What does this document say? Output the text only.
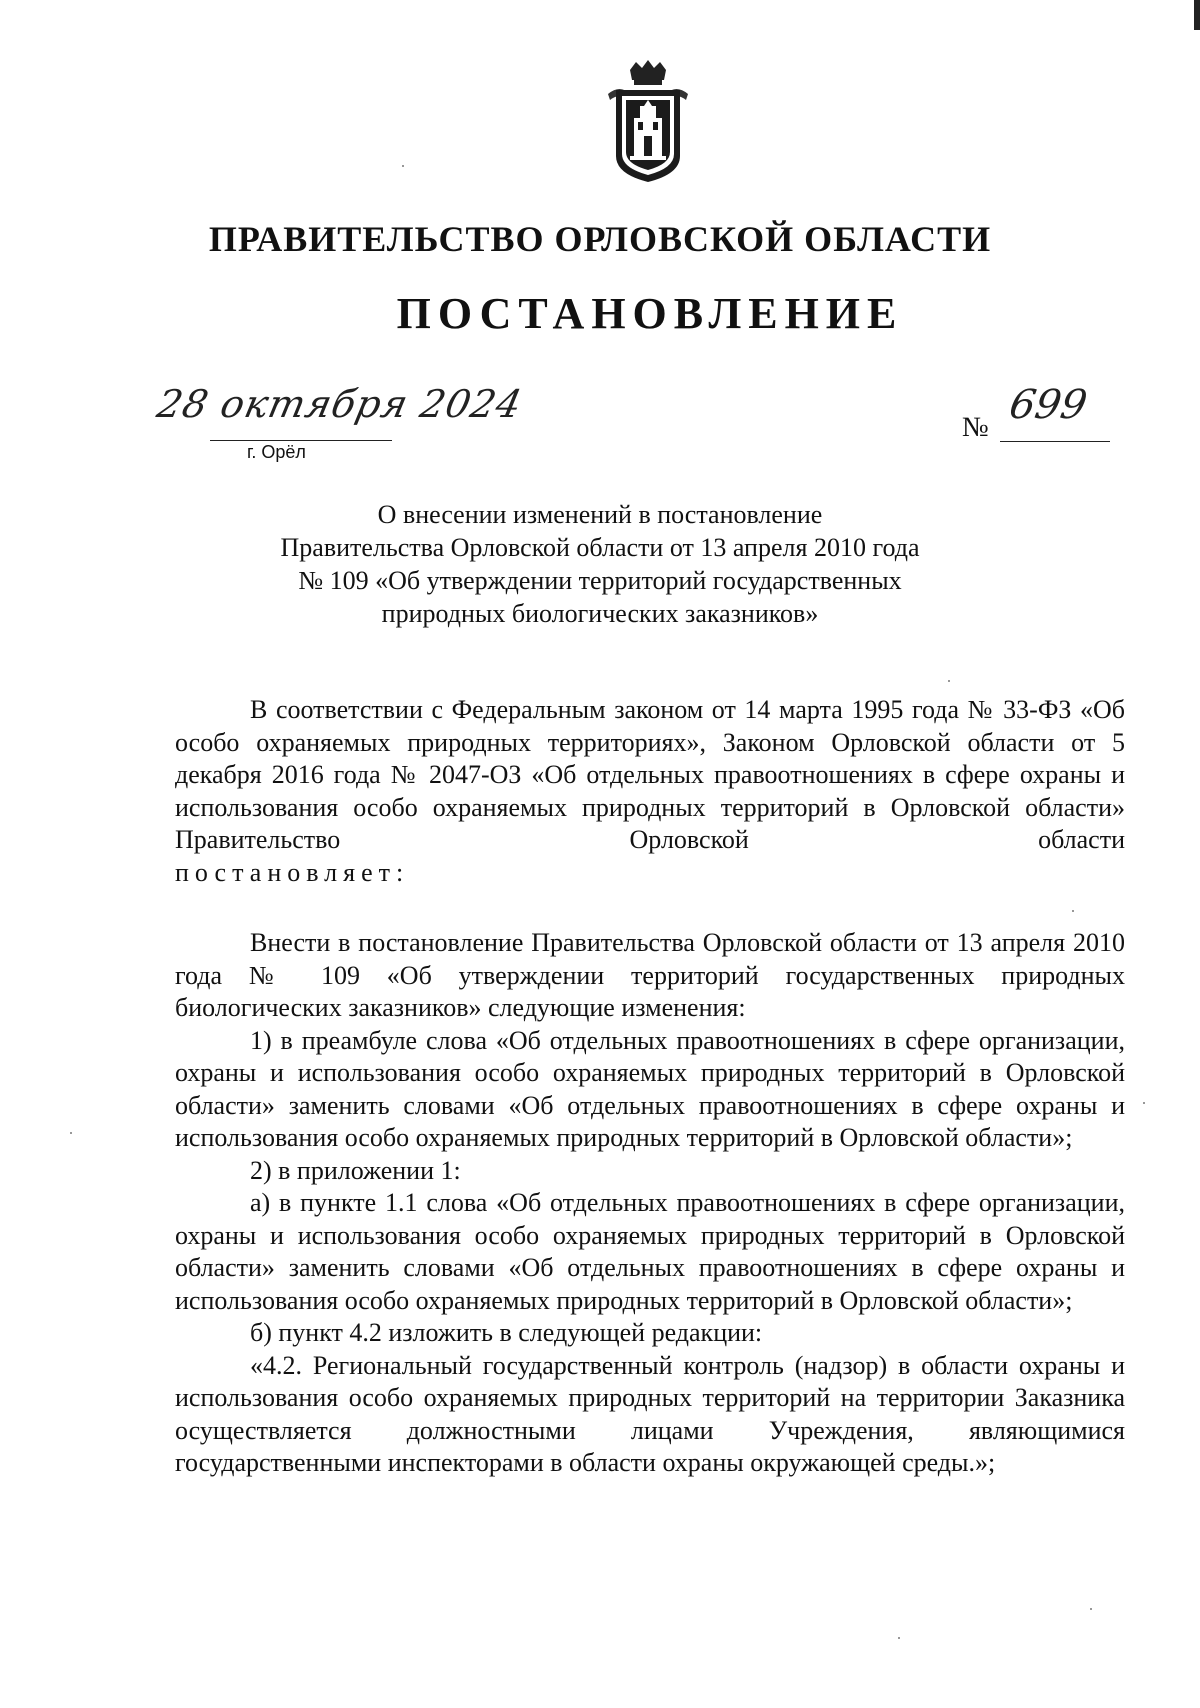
ПРАВИТЕЛЬСТВО ОРЛОВСКОЙ ОБЛАСТИ
ПОСТАНОВЛЕНИЕ
28 октября 2024
г. Орёл
№ 699
О внесении изменений в постановление
Правительства Орловской области от 13 апреля 2010 года
№ 109 «Об утверждении территорий государственных
природных биологических заказников»

В соответствии с Федеральным законом от 14 марта 1995 года № 33-ФЗ «Об особо охраняемых природных территориях», Законом Орловской области от 5 декабря 2016 года № 2047-ОЗ «Об отдельных правоотношениях в сфере охраны и использования особо охраняемых природных территорий в Орловской области» Правительство Орловской области

постановляет:

Внести в постановление Правительства Орловской области от 13 апреля 2010 года № 109 «Об утверждении территорий государственных природных биологических заказников» следующие изменения:

1) в преамбуле слова «Об отдельных правоотношениях в сфере организации, охраны и использования особо охраняемых природных территорий в Орловской области» заменить словами «Об отдельных правоотношениях в сфере охраны и использования особо охраняемых природных территорий в Орловской области»;

2) в приложении 1:

а) в пункте 1.1 слова «Об отдельных правоотношениях в сфере организации, охраны и использования особо охраняемых природных территорий в Орловской области» заменить словами «Об отдельных правоотношениях в сфере охраны и использования особо охраняемых природных территорий в Орловской области»;

б) пункт 4.2 изложить в следующей редакции:

«4.2. Региональный государственный контроль (надзор) в области охраны и использования особо охраняемых природных территорий на территории Заказника осуществляется должностными лицами Учреждения, являющимися государственными инспекторами в области охраны окружающей среды.»;
